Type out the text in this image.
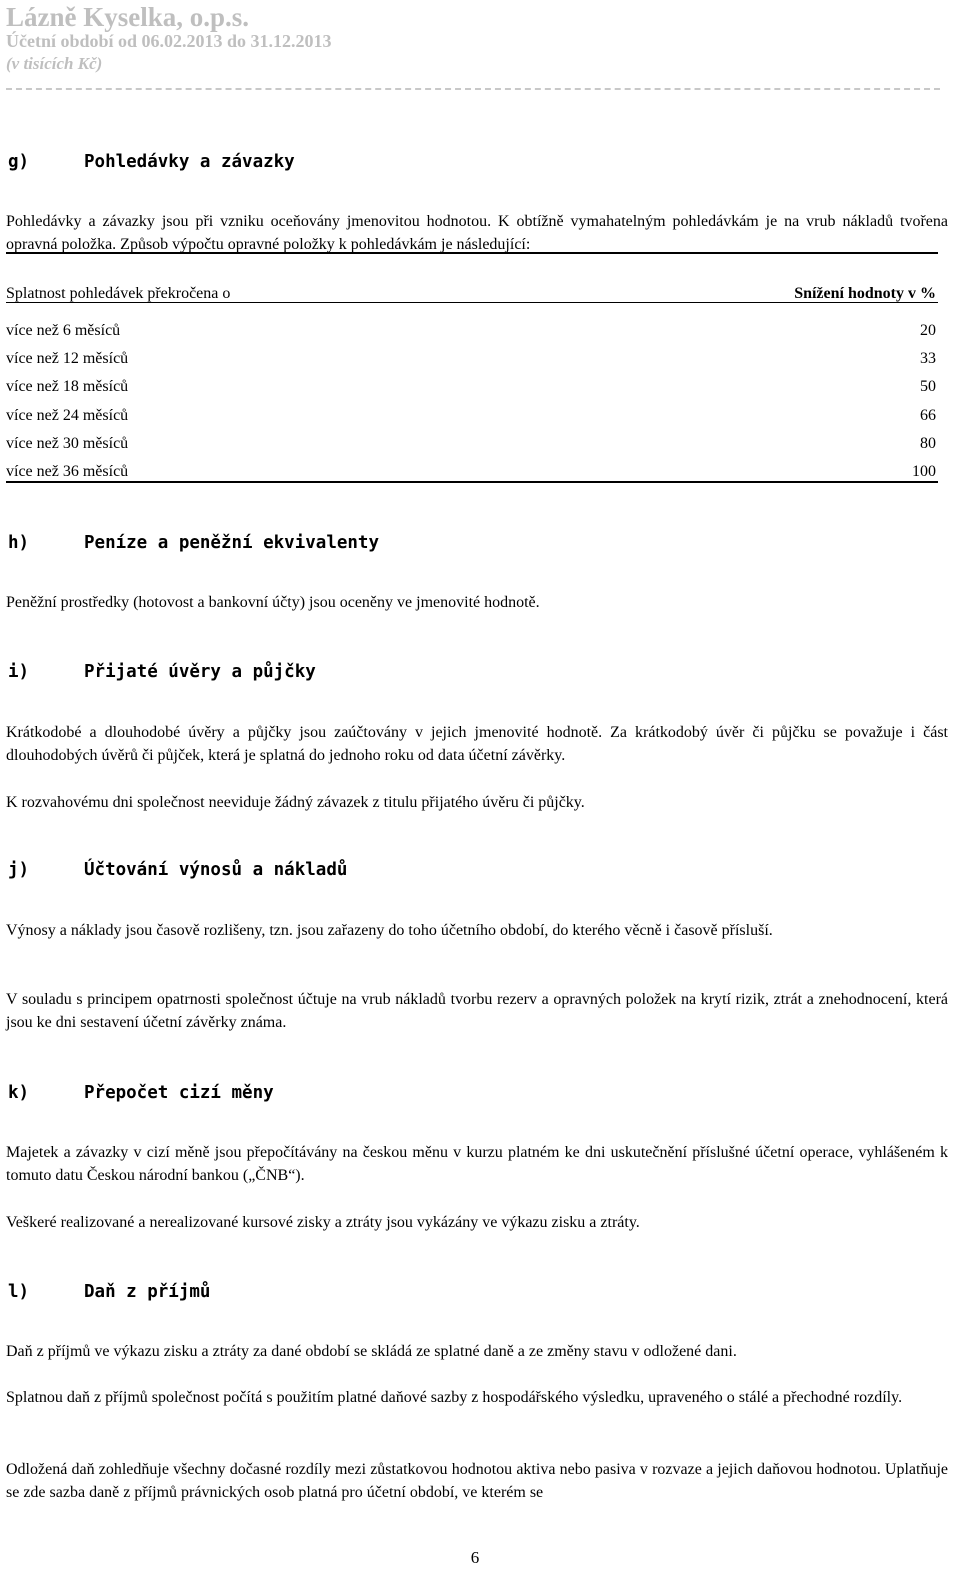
Lázně Kyselka, o.p.s.
Účetní období od 06.02.2013 do 31.12.2013
(v tisících Kč)
g)	Pohledávky a závazky
Pohledávky a závazky jsou při vzniku oceňovány jmenovitou hodnotou. K obtížně vymahatelným pohledávkám je na vrub nákladů tvořena opravná položka. Způsob výpočtu opravné položky k pohledávkám je následující:
Splatnost pohledávek překročena o	Snížení hodnoty v %
více než 6 měsíců	20
více než 12 měsíců	33
více než 18 měsíců	50
více než 24 měsíců	66
více než 30 měsíců	80
více než 36 měsíců	100
h)	Peníze a peněžní ekvivalenty
Peněžní prostředky (hotovost a bankovní účty) jsou oceněny ve jmenovité hodnotě.
i)	Přijaté úvěry a půjčky
Krátkodobé a dlouhodobé úvěry a půjčky jsou zaúčtovány v jejich jmenovité hodnotě. Za krátkodobý úvěr či půjčku se považuje i část dlouhodobých úvěrů či půjček, která je splatná do jednoho roku od data účetní závěrky.
K rozvahovému dni společnost neeviduje žádný závazek z titulu přijatého úvěru či půjčky.
j)	Účtování výnosů a nákladů
Výnosy a náklady jsou časově rozlišeny, tzn. jsou zařazeny do toho účetního období, do kterého věcně i časově přísluší.
V souladu s principem opatrnosti společnost účtuje na vrub nákladů tvorbu rezerv a opravných položek na krytí rizik, ztrát a znehodnocení, která jsou ke dni sestavení účetní závěrky známa.
k)	Přepočet cizí měny
Majetek a závazky v cizí měně jsou přepočítávány na českou měnu v kurzu platném ke dni uskutečnění příslušné účetní operace, vyhlášeném k tomuto datu Českou národní bankou („ČNB“).
Veškeré realizované a nerealizované kursové zisky a ztráty jsou vykázány ve výkazu zisku a ztráty.
l)	Daň z příjmů
Daň z příjmů ve výkazu zisku a ztráty za dané období se skládá ze splatné daně a ze změny stavu v odložené dani.
Splatnou daň z příjmů společnost počítá s použitím platné daňové sazby z hospodářského výsledku, upraveného o stálé a přechodné rozdíly.
Odložená daň zohledňuje všechny dočasné rozdíly mezi zůstatkovou hodnotou aktiva nebo pasiva v rozvaze a jejich daňovou hodnotou. Uplatňuje se zde sazba daně z příjmů právnických osob platná pro účetní období, ve kterém se
6
